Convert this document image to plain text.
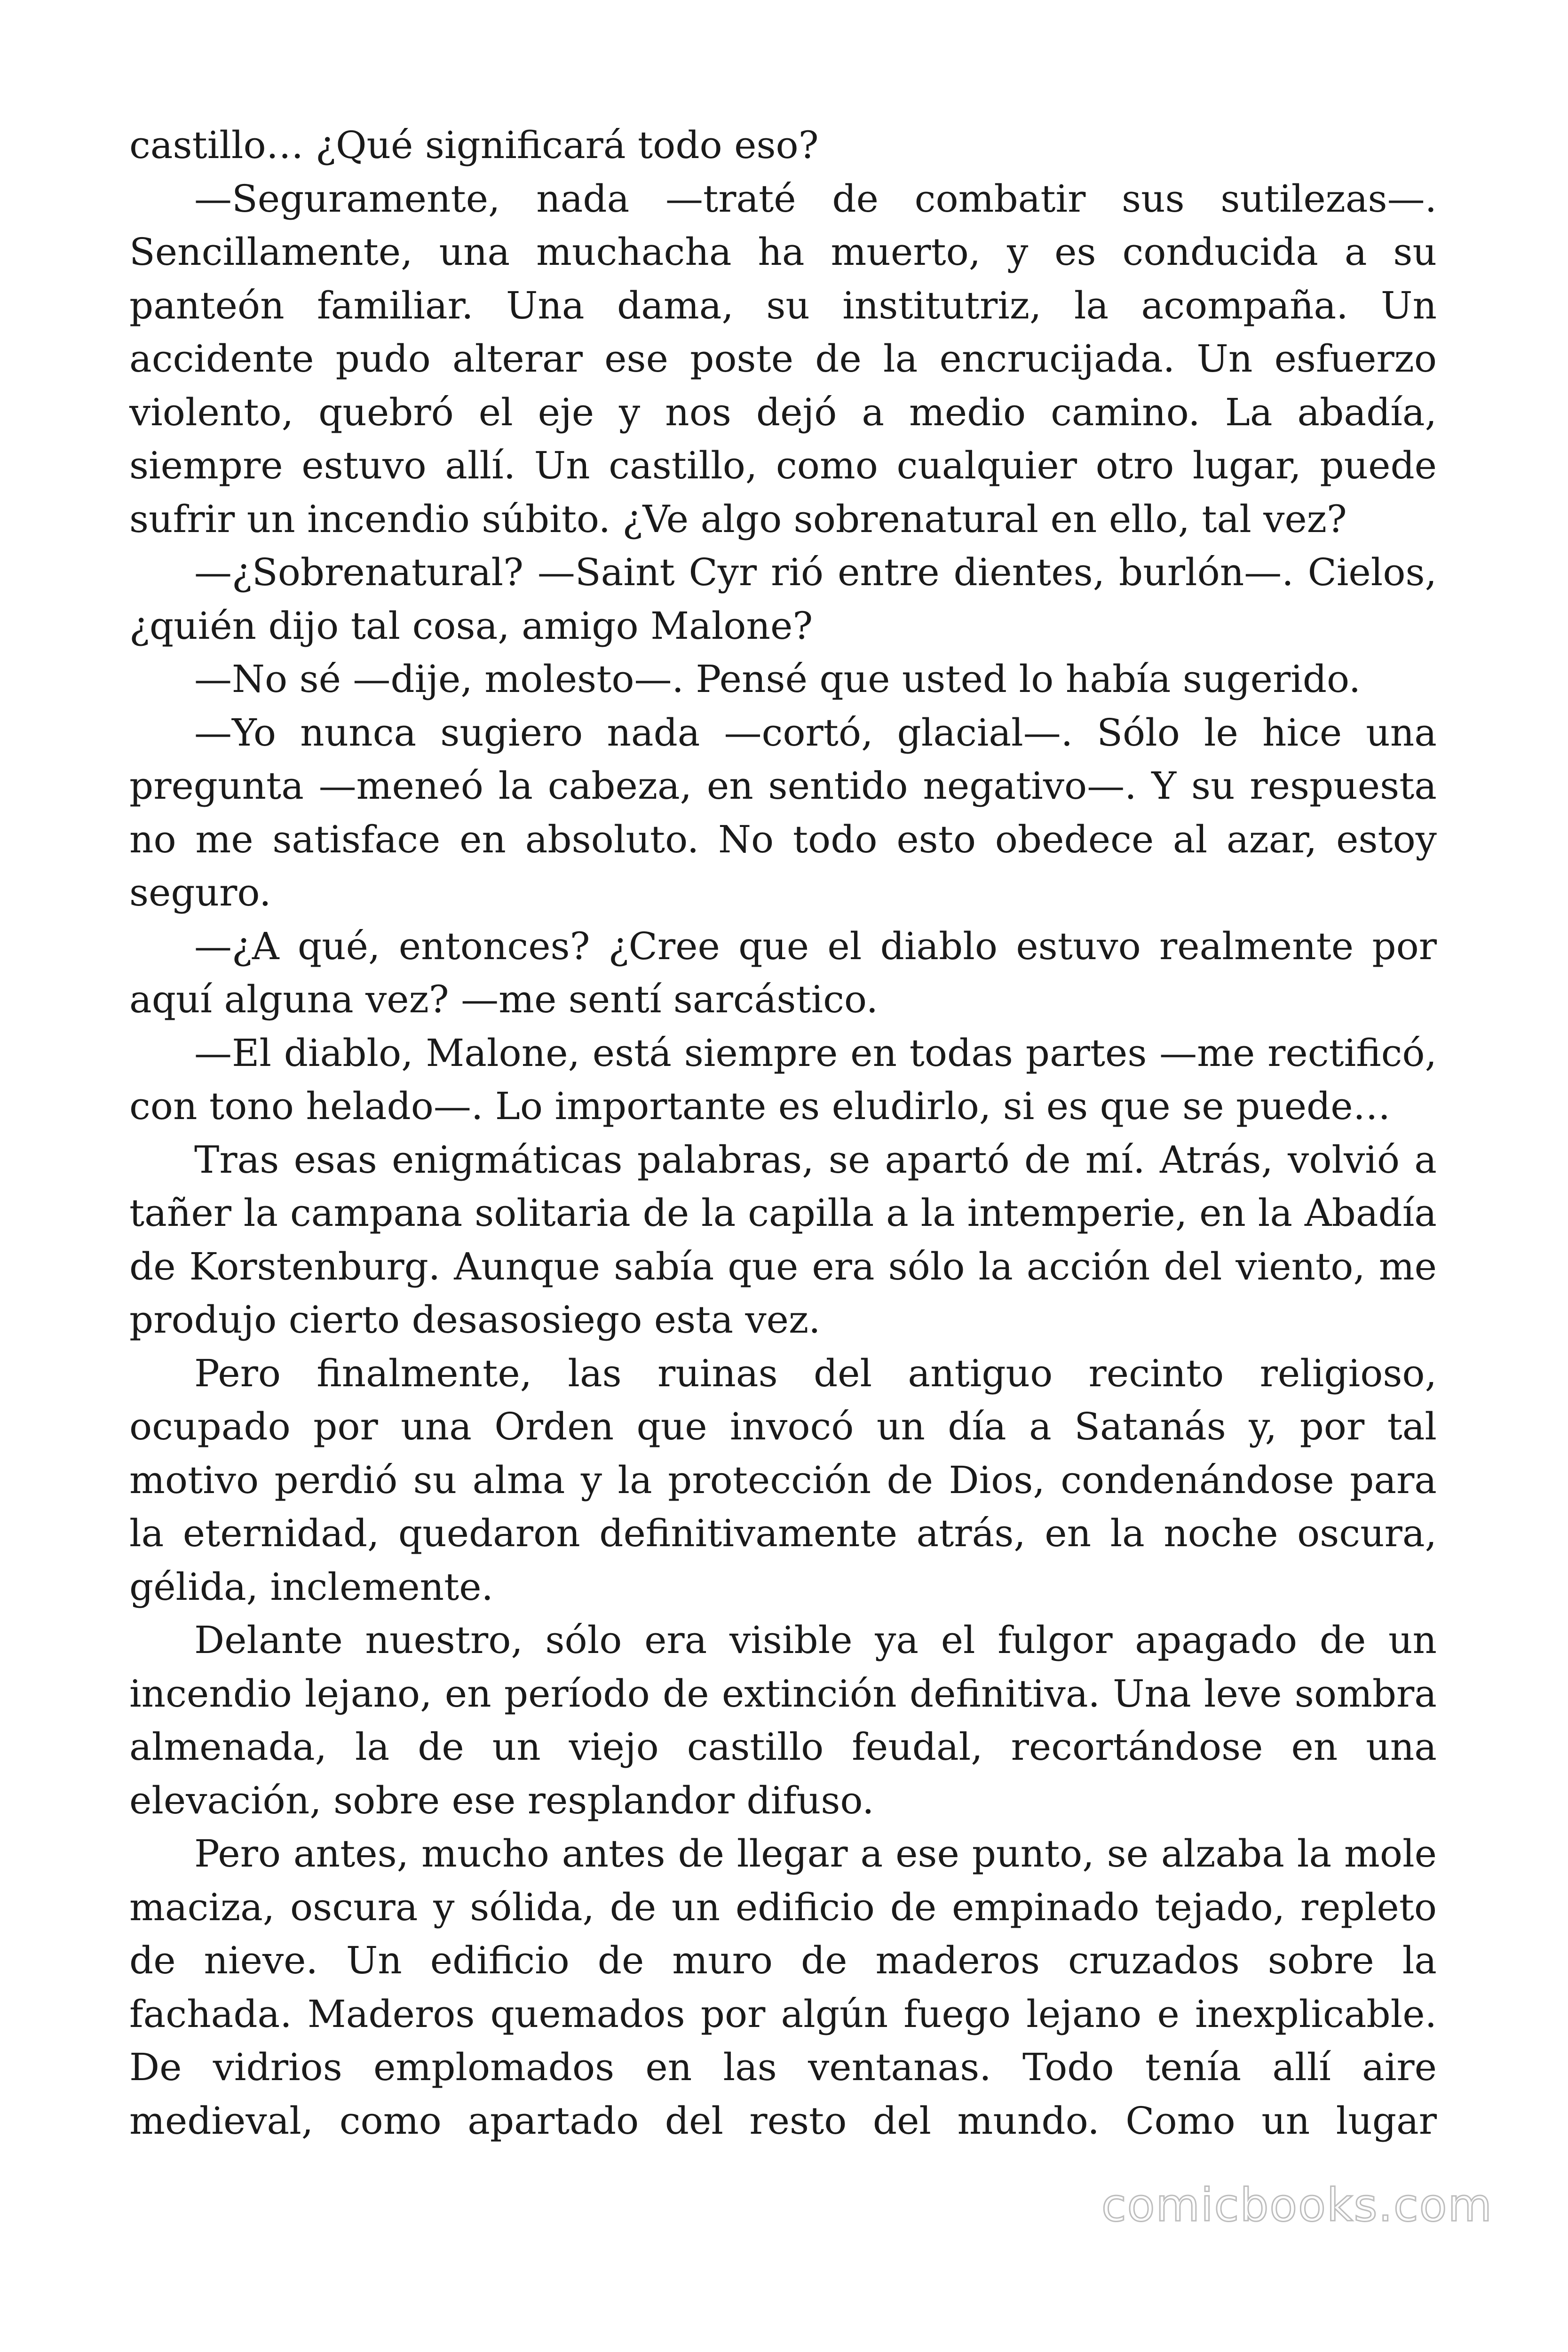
castillo… ¿Qué significará todo eso?

—Seguramente, nada —traté de combatir sus sutilezas—. Sencillamente, una muchacha ha muerto, y es conducida a su panteón familiar. Una dama, su institutriz, la acompaña. Un accidente pudo alterar ese poste de la encrucijada. Un esfuerzo violento, quebró el eje y nos dejó a medio camino. La abadía, siempre estuvo allí. Un castillo, como cualquier otro lugar, puede sufrir un incendio súbito. ¿Ve algo sobrenatural en ello, tal vez?

—¿Sobrenatural? —Saint Cyr rió entre dientes, burlón—. Cielos, ¿quién dijo tal cosa, amigo Malone?

—No sé —dije, molesto—. Pensé que usted lo había sugerido.

—Yo nunca sugiero nada —cortó, glacial—. Sólo le hice una pregunta —meneó la cabeza, en sentido negativo—. Y su respuesta no me satisface en absoluto. No todo esto obedece al azar, estoy seguro.

—¿A qué, entonces? ¿Cree que el diablo estuvo realmente por aquí alguna vez? —me sentí sarcástico.

—El diablo, Malone, está siempre en todas partes —me rectificó, con tono helado—. Lo importante es eludirlo, si es que se puede…

Tras esas enigmáticas palabras, se apartó de mí. Atrás, volvió a tañer la campana solitaria de la capilla a la intemperie, en la Abadía de Korstenburg. Aunque sabía que era sólo la acción del viento, me produjo cierto desasosiego esta vez.

Pero finalmente, las ruinas del antiguo recinto religioso, ocupado por una Orden que invocó un día a Satanás y, por tal motivo perdió su alma y la protección de Dios, condenándose para la eternidad, quedaron definitivamente atrás, en la noche oscura, gélida, inclemente.

Delante nuestro, sólo era visible ya el fulgor apagado de un incendio lejano, en período de extinción definitiva. Una leve sombra almenada, la de un viejo castillo feudal, recortándose en una elevación, sobre ese resplandor difuso.

Pero antes, mucho antes de llegar a ese punto, se alzaba la mole maciza, oscura y sólida, de un edificio de empinado tejado, repleto de nieve. Un edificio de muro de maderos cruzados sobre la fachada. Maderos quemados por algún fuego lejano e inexplicable. De vidrios emplomados en las ventanas. Todo tenía allí aire medieval, como apartado del resto del mundo. Como un lugar

comicbooks.com
